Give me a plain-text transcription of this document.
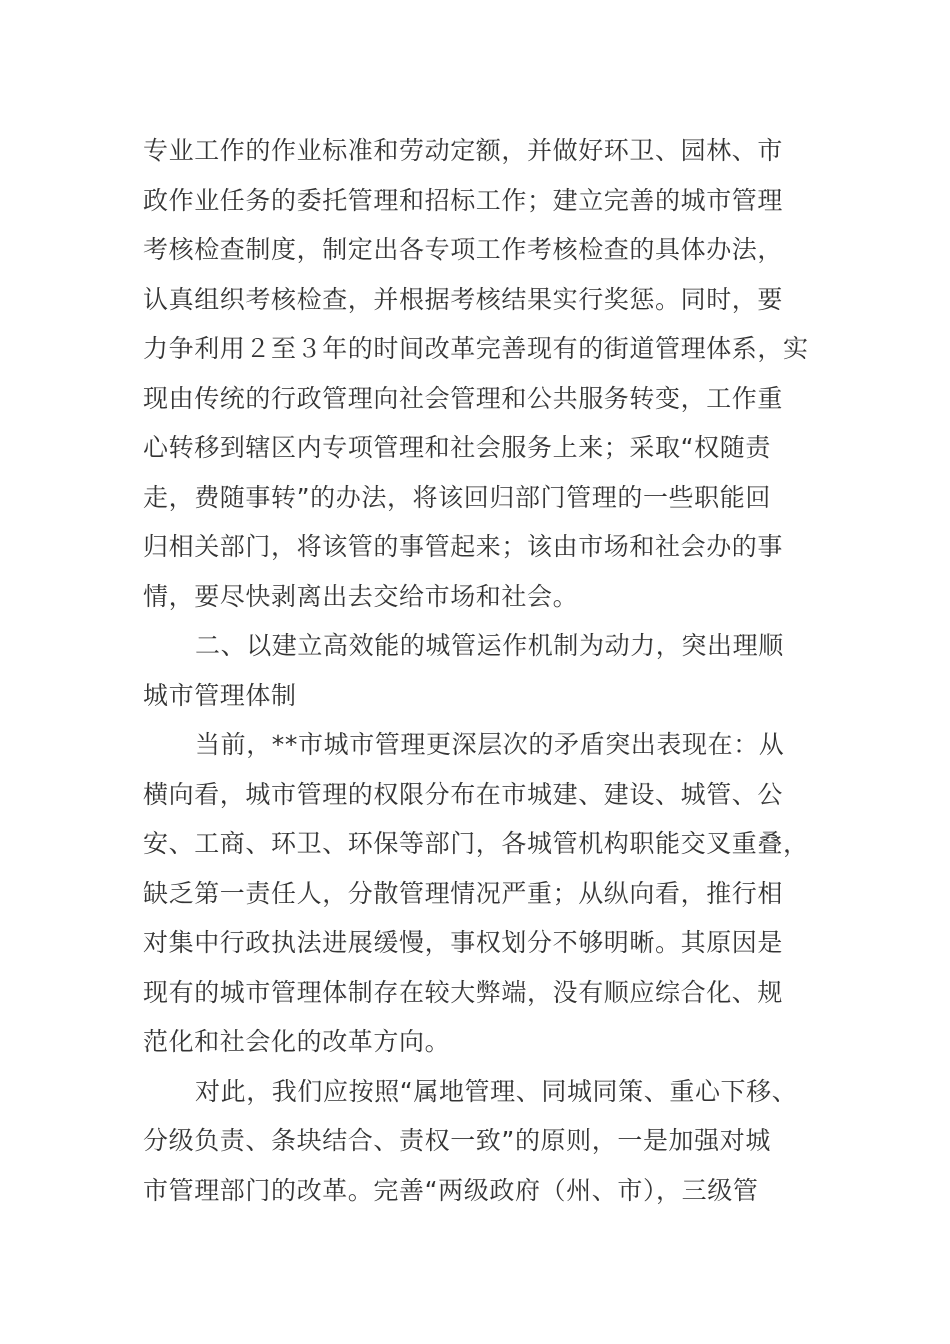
专业工作的作业标准和劳动定额，并做好环卫、园林、市
政作业任务的委托管理和招标工作；建立完善的城市管理
考核检查制度，制定出各专项工作考核检查的具体办法，
认真组织考核检查，并根据考核结果实行奖惩。同时，要
力争利用２至３年的时间改革完善现有的街道管理体系，实
现由传统的行政管理向社会管理和公共服务转变，工作重
心转移到辖区内专项管理和社会服务上来；采取“权随责
走，费随事转”的办法，将该回归部门管理的一些职能回
归相关部门，将该管的事管起来；该由市场和社会办的事
情，要尽快剥离出去交给市场和社会。
二、以建立高效能的城管运作机制为动力，突出理顺
城市管理体制
当前，**市城市管理更深层次的矛盾突出表现在：从
横向看，城市管理的权限分布在市城建、建设、城管、公
安、工商、环卫、环保等部门，各城管机构职能交叉重叠，
缺乏第一责任人，分散管理情况严重；从纵向看，推行相
对集中行政执法进展缓慢，事权划分不够明晰。其原因是
现有的城市管理体制存在较大弊端，没有顺应综合化、规
范化和社会化的改革方向。
对此，我们应按照“属地管理、同城同策、重心下移、
分级负责、条块结合、责权一致”的原则，一是加强对城
市管理部门的改革。完善“两级政府（州、市），三级管
